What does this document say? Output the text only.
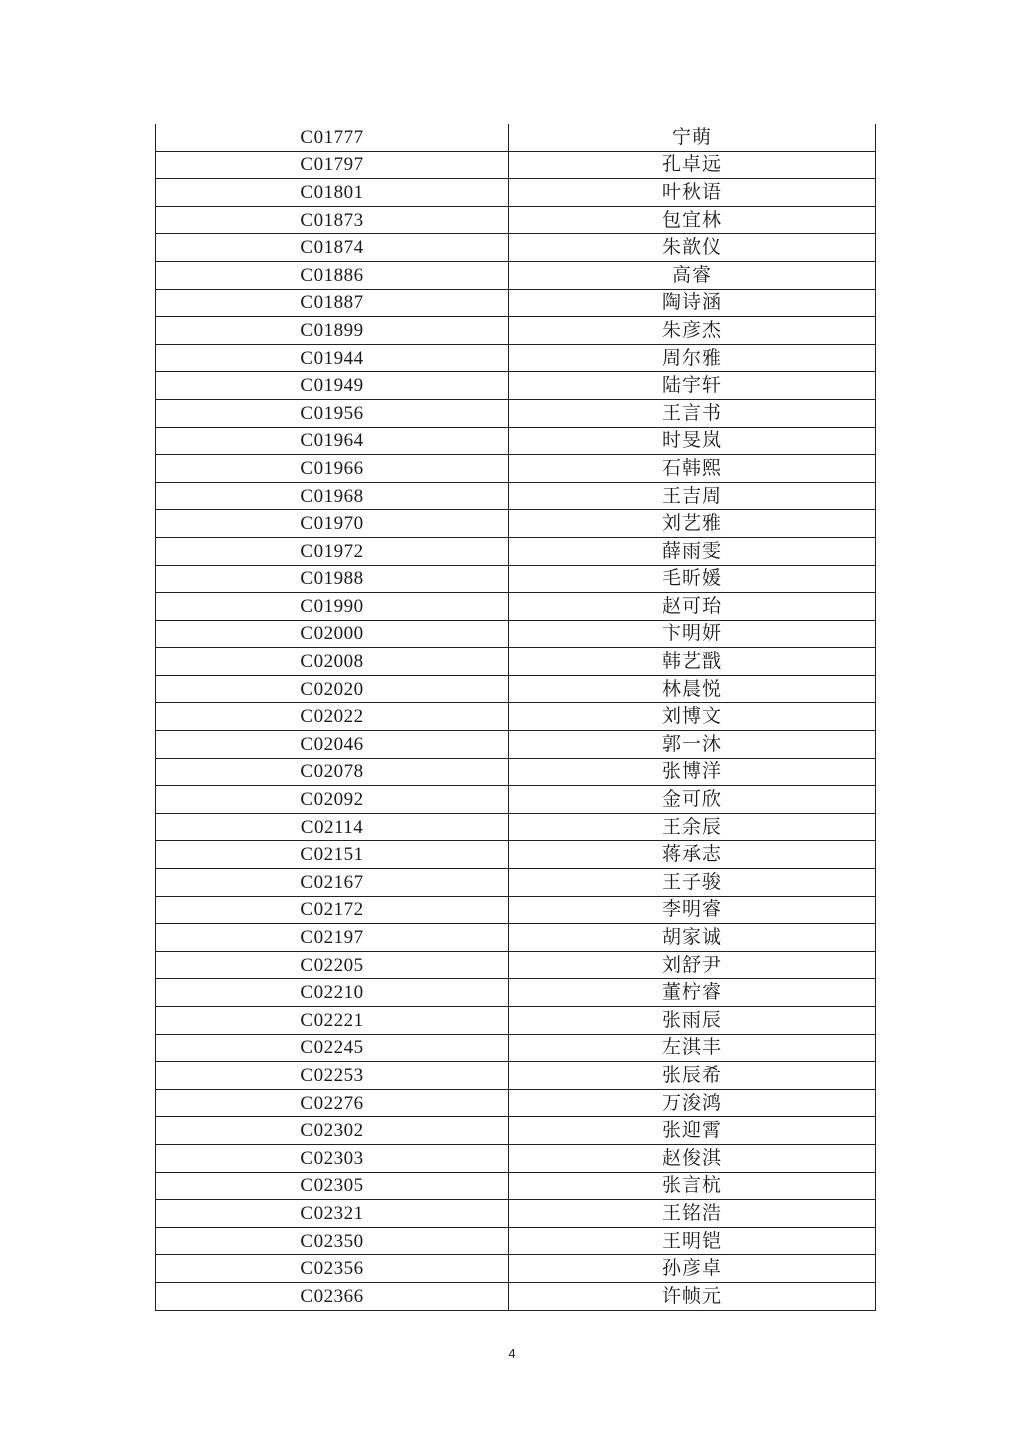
C01777	宁萌
C01797	孔卓远
C01801	叶秋语
C01873	包宜林
C01874	朱歆仪
C01886	高睿
C01887	陶诗涵
C01899	朱彦杰
C01944	周尔雅
C01949	陆宇轩
C01956	王言书
C01964	时旻岚
C01966	石韩熙
C01968	王吉周
C01970	刘艺雅
C01972	薛雨雯
C01988	毛昕媛
C01990	赵可珆
C02000	卞明妍
C02008	韩艺戬
C02020	林晨悦
C02022	刘博文
C02046	郭一沐
C02078	张博洋
C02092	金可欣
C02114	王余辰
C02151	蒋承志
C02167	王子骏
C02172	李明睿
C02197	胡家诚
C02205	刘舒尹
C02210	董柠睿
C02221	张雨辰
C02245	左淇丰
C02253	张辰希
C02276	万浚鸿
C02302	张迎霄
C02303	赵俊淇
C02305	张言杭
C02321	王铭浩
C02350	王明铠
C02356	孙彦卓
C02366	许帧元
4
